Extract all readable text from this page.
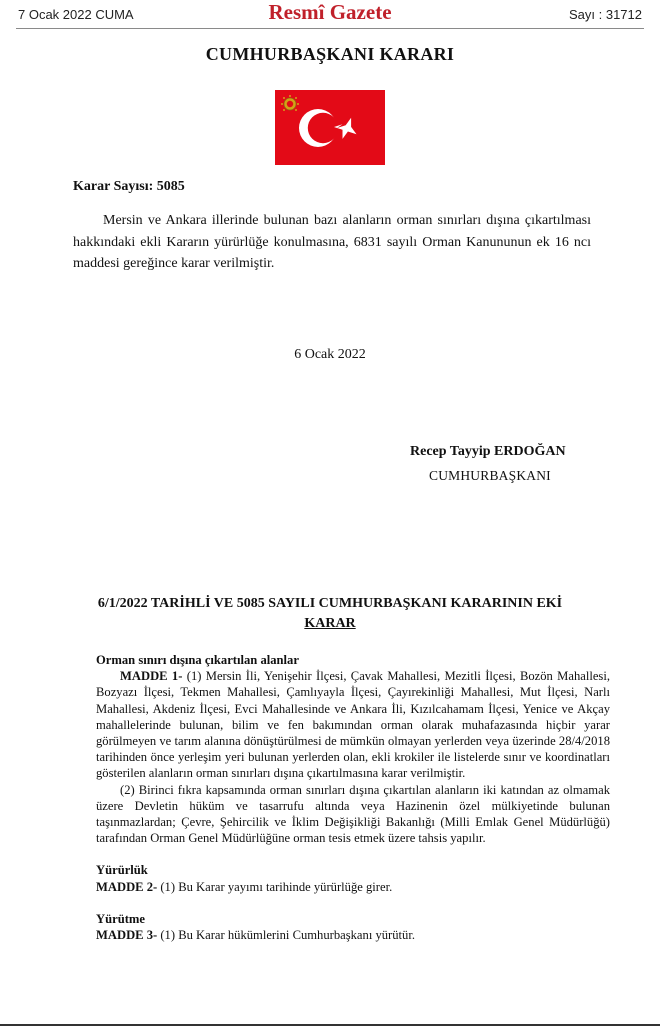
7 Ocak 2022 CUMA	Resmî Gazete	Sayı : 31712
CUMHURBAŞKANI KARARI
Karar Sayısı: 5085

Mersin ve Ankara illerinde bulunan bazı alanların orman sınırları dışına çıkartılması hakkındaki ekli Kararın yürürlüğe konulmasına, 6831 sayılı Orman Kanununun ek 16 ncı maddesi gereğince karar verilmiştir.

6 Ocak 2022
Recep Tayyip ERDOĞAN
CUMHURBAŞKANI
6/1/2022 TARİHLİ VE 5085 SAYILI CUMHURBAŞKANI KARARININ EKİ
KARAR

Orman sınırı dışına çıkartılan alanlar

MADDE 1- (1) Mersin İli, Yenişehir İlçesi, Çavak Mahallesi, Mezitli İlçesi, Bozön Mahallesi, Bozyazı İlçesi, Tekmen Mahallesi, Çamlıyayla İlçesi, Çayırekinliği Mahallesi, Mut İlçesi, Narlı Mahallesi, Akdeniz İlçesi, Evci Mahallesinde ve Ankara İli, Kızılcahamam İlçesi, Yenice ve Akçay mahallelerinde bulunan, bilim ve fen bakımından orman olarak muhafazasında hiçbir yarar görülmeyen ve tarım alanına dönüştürülmesi de mümkün olmayan yerlerden veya üzerinde 28/4/2018 tarihinden önce yerleşim yeri bulunan yerlerden olan, ekli krokiler ile listelerde sınır ve koordinatları gösterilen alanların orman sınırları dışına çıkartılmasına karar verilmiştir.

(2) Birinci fıkra kapsamında orman sınırları dışına çıkartılan alanların iki katından az olmamak üzere Devletin hüküm ve tasarrufu altında veya Hazinenin özel mülkiyetinde bulunan taşınmazlardan; Çevre, Şehircilik ve İklim Değişikliği Bakanlığı (Milli Emlak Genel Müdürlüğü) tarafından Orman Genel Müdürlüğüne orman tesis etmek üzere tahsis yapılır.

Yürürlük

MADDE 2- (1) Bu Karar yayımı tarihinde yürürlüğe girer.

Yürütme

MADDE 3- (1) Bu Karar hükümlerini Cumhurbaşkanı yürütür.
